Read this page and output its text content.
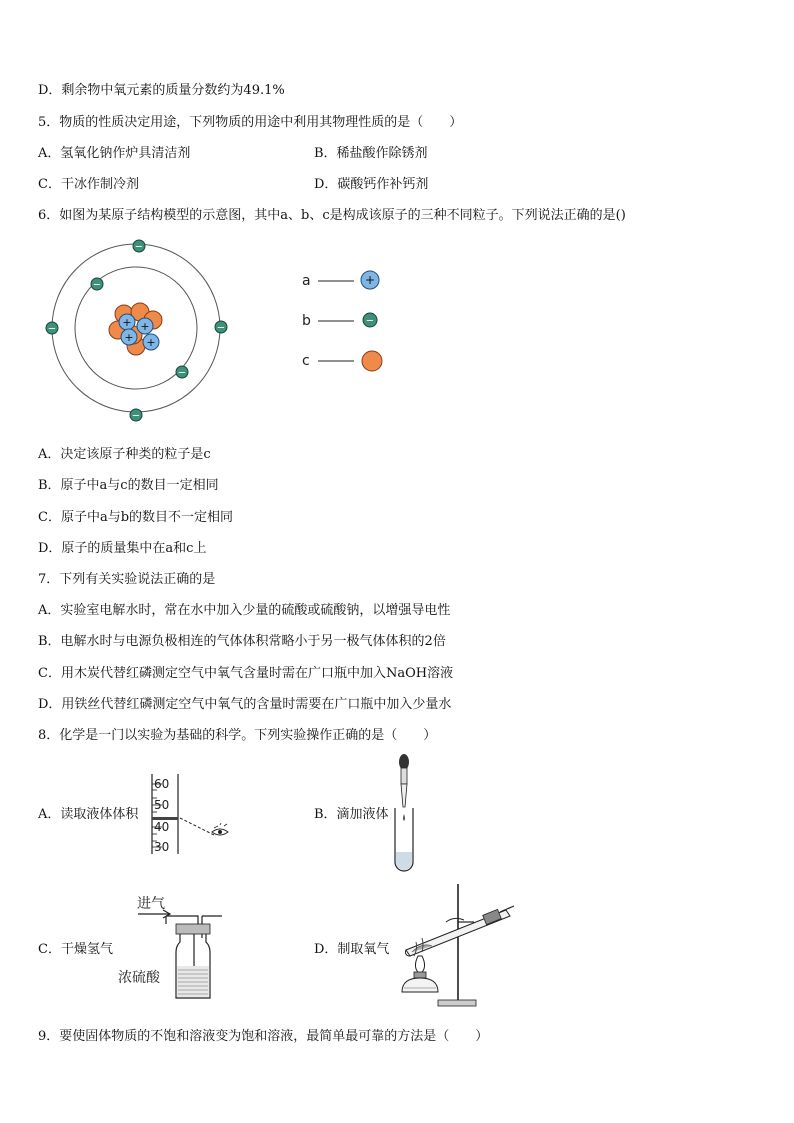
D．剩余物中氧元素的质量分数约为49.1%
5．物质的性质决定用途，下列物质的用途中利用其物理性质的是（　　）
A．氢氧化钠作炉具清洁剂	B．稀盐酸作除锈剂
C．干冰作制冷剂	D．碳酸钙作补钙剂
6．如图为某原子结构模型的示意图，其中a、b、c是构成该原子的三种不同粒子。下列说法正确的是()
+ +
+ +
−
−	−
−
−
−
a	+
b	−
c
A．决定该原子种类的粒子是c
B．原子中a与c的数目一定相同
C．原子中a与b的数目不一定相同
D．原子的质量集中在a和c上
7．下列有关实验说法正确的是
A．实验室电解水时，常在水中加入少量的硫酸或硫酸钠，以增强导电性
B．电解水时与电源负极相连的气体体积常略小于另一极气体体积的2倍
C．用木炭代替红磷测定空气中氧气含量时需在广口瓶中加入NaOH溶液
D．用铁丝代替红磷测定空气中氧气的含量时需要在广口瓶中加入少量水
8．化学是一门以实验为基础的科学。下列实验操作正确的是（　　）
A．读取液体体积
60
50
40
30
B．滴加液体
进气
浓硫酸
C．干燥氢气	D．制取氧气
9．要使固体物质的不饱和溶液变为饱和溶液，最简单最可靠的方法是（　　）
